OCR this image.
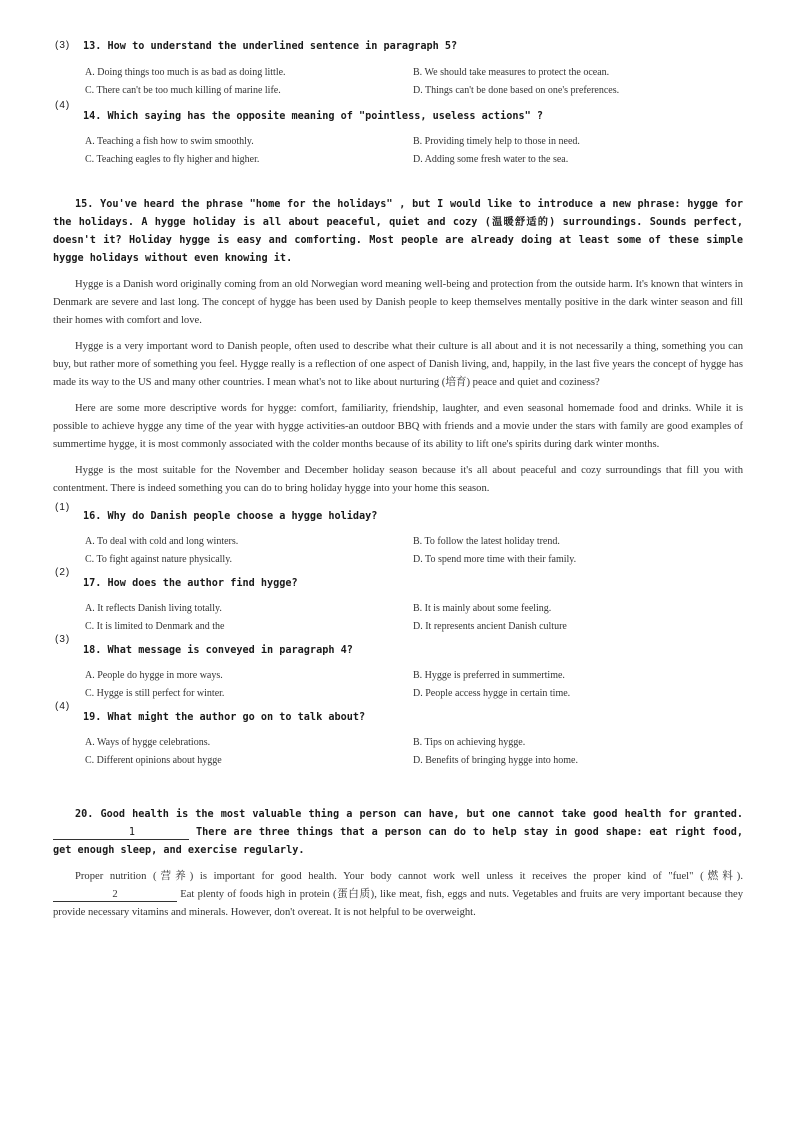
(3) 13. How to understand the underlined sentence in paragraph 5?
A. Doing things too much is as bad as doing little.	B. We should take measures to protect the ocean.
C. There can't be too much killing of marine life.	D. Things can't be done based on one's preferences.
(4)
14. Which saying has the opposite meaning of "pointless, useless actions" ?
A. Teaching a fish how to swim smoothly.	B. Providing timely help to those in need.
C. Teaching eagles to fly higher and higher.	D. Adding some fresh water to the sea.
15. You've heard the phrase "home for the holidays" , but I would like to introduce a new phrase: hygge for the holidays. A hygge holiday is all about peaceful, quiet and cozy (温暖舒适的) surroundings. Sounds perfect, doesn't it? Holiday hygge is easy and comforting. Most people are already doing at least some of these simple hygge holidays without even knowing it.
Hygge is a Danish word originally coming from an old Norwegian word meaning well-being and protection from the outside harm. It's known that winters in Denmark are severe and last long. The concept of hygge has been used by Danish people to keep themselves mentally positive in the dark winter season and fill their homes with comfort and love.
Hygge is a very important word to Danish people, often used to describe what their culture is all about and it is not necessarily a thing, something you can buy, but rather more of something you feel. Hygge really is a reflection of one aspect of Danish living, and, happily, in the last five years the concept of hygge has made its way to the US and many other countries. I mean what's not to like about nurturing (培育) peace and quiet and coziness?
Here are some more descriptive words for hygge: comfort, familiarity, friendship, laughter, and even seasonal homemade food and drinks. While it is possible to achieve hygge any time of the year with hygge activities-an outdoor BBQ with friends and a movie under the stars with family are good examples of summertime hygge, it is most commonly associated with the colder months because of its ability to lift one's spirits during dark winter months.
Hygge is the most suitable for the November and December holiday season because it's all about peaceful and cozy surroundings that fill you with contentment. There is indeed something you can do to bring holiday hygge into your home this season.
(1)
16. Why do Danish people choose a hygge holiday?
A. To deal with cold and long winters.	B. To follow the latest holiday trend.
C. To fight against nature physically.	D. To spend more time with their family.
(2)
17. How does the author find hygge?
A. It reflects Danish living totally.	B. It is mainly about some feeling.
C. It is limited to Denmark and the	D. It represents ancient Danish culture
(3)
18. What message is conveyed in paragraph 4?
A. People do hygge in more ways.	B. Hygge is preferred in summertime.
C. Hygge is still perfect for winter.	D. People access hygge in certain time.
(4)
19. What might the author go on to talk about?
A. Ways of hygge celebrations.	B. Tips on achieving hygge.
C. Different opinions about hygge	D. Benefits of bringing hygge into home.
20. Good health is the most valuable thing a person can have, but one cannot take good health for granted. 1	There are three things that a person can do to help stay in good shape: eat right food, get enough sleep, and exercise regularly.
Proper nutrition (营养) is important for good health. Your body cannot work well unless it receives the proper kind of "fuel" (燃料). 2	Eat plenty of foods high in protein (蛋白质), like meat, fish, eggs and nuts. Vegetables and fruits are very important because they provide necessary vitamins and minerals. However, don't overeat. It is not helpful to be overweight.
